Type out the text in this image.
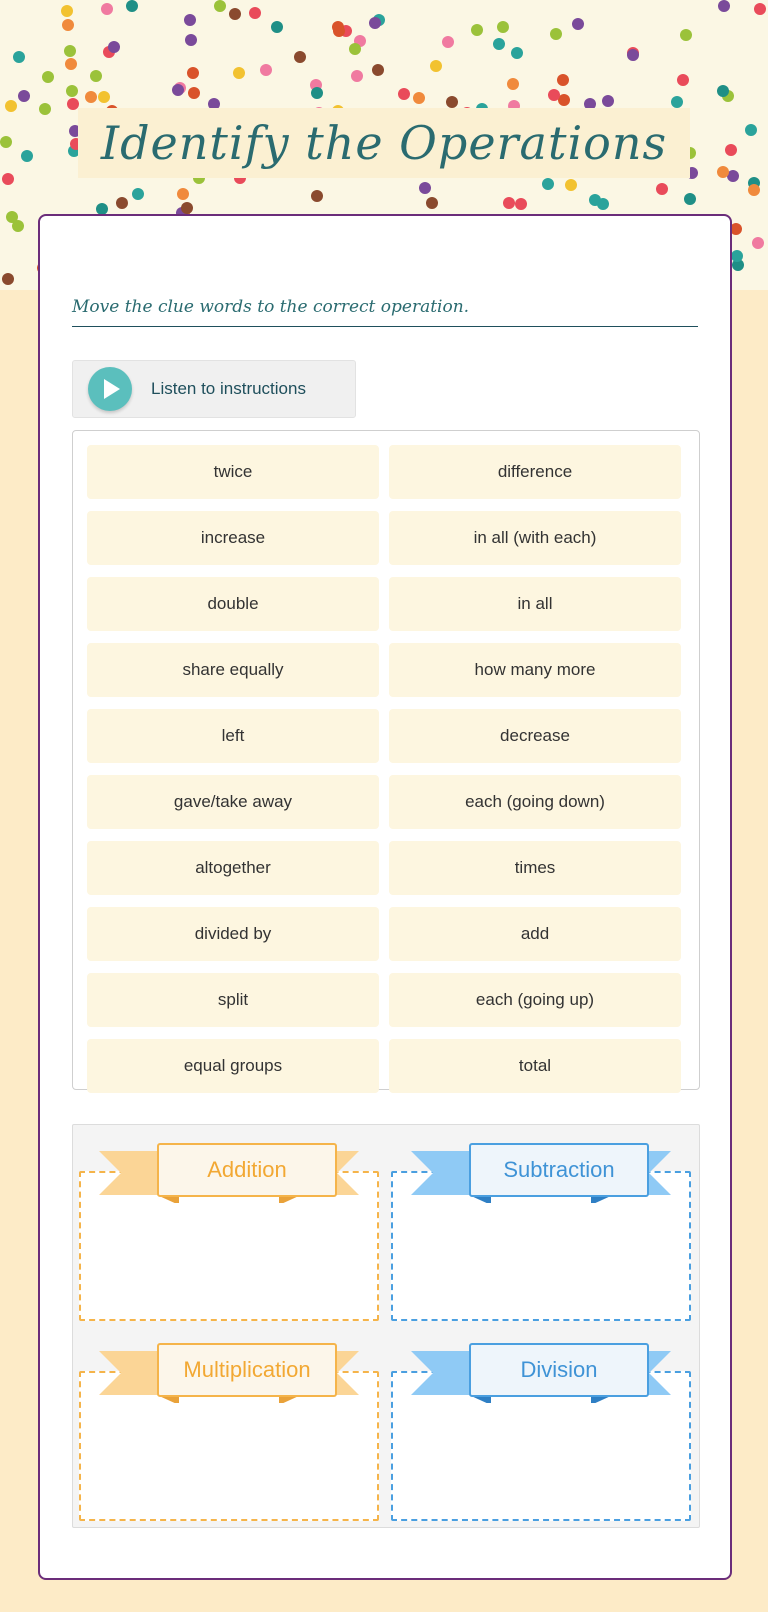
Identify the Operations
Move the clue words to the correct operation.
Listen to instructions
twice	difference
increase	in all (with each)
double	in all
share equally	how many more
left	decrease
gave/take away	each (going down)
altogether	times
divided by	add
split	each (going up)
equal groups	total
Addition	Subtraction
Multiplication	Division
